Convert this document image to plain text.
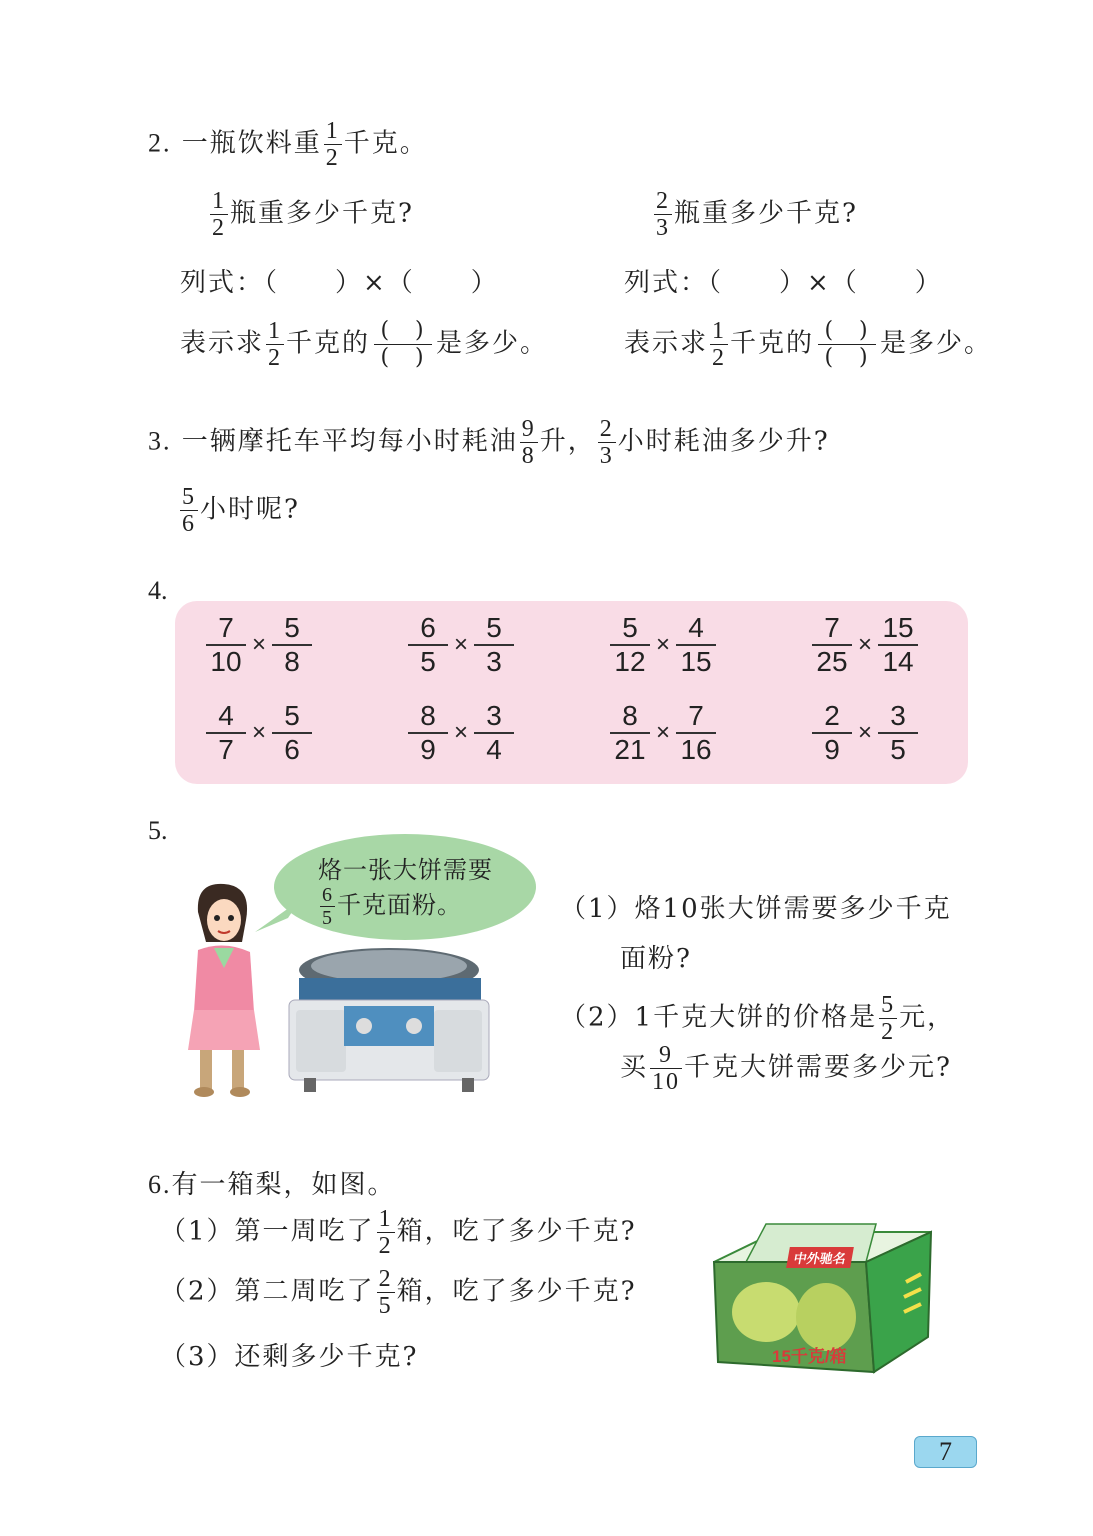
2. 一瓶饮料重 $\frac{1}{2}$ 千克。
$\frac{1}{2}$ 瓶重多少千克?	$\frac{2}{3}$ 瓶重多少千克?
列式：（　　）×（　　）	列式：（　　）×（　　）
表示求 $\frac{1}{2}$ 千克的 $\frac{( )}{( )}$ 是多少。	表示求 $\frac{1}{2}$ 千克的 $\frac{( )}{( )}$ 是多少。
3. 一辆摩托车平均每小时耗油 $\frac{9}{8}$ 升， $\frac{2}{3}$ 小时耗油多少升?
$\frac{5}{6}$ 小时呢?
4.
$\frac{7}{10} \times \frac{5}{8}$	$\frac{6}{5} \times \frac{5}{3}$	$\frac{5}{12} \times \frac{4}{15}$	$\frac{7}{25} \times \frac{15}{14}$
$\frac{4}{7} \times \frac{5}{6}$	$\frac{8}{9} \times \frac{3}{4}$	$\frac{8}{21} \times \frac{7}{16}$	$\frac{2}{9} \times \frac{3}{5}$
5.
烙一张大饼需要
$\frac{6}{5}$ 千克面粉。	（1）烙10张大饼需要多少千克
面粉?
（2）1千克大饼的价格是 $\frac{5}{2}$ 元，
买 $\frac{9}{10}$ 千克大饼需要多少元?
6.有一箱梨，如图。
（1）第一周吃了 $\frac{1}{2}$ 箱，吃了多少千克?
（2）第二周吃了 $\frac{2}{5}$ 箱，吃了多少千克?
（3）还剩多少千克?
中外驰名
15千克/箱
7
